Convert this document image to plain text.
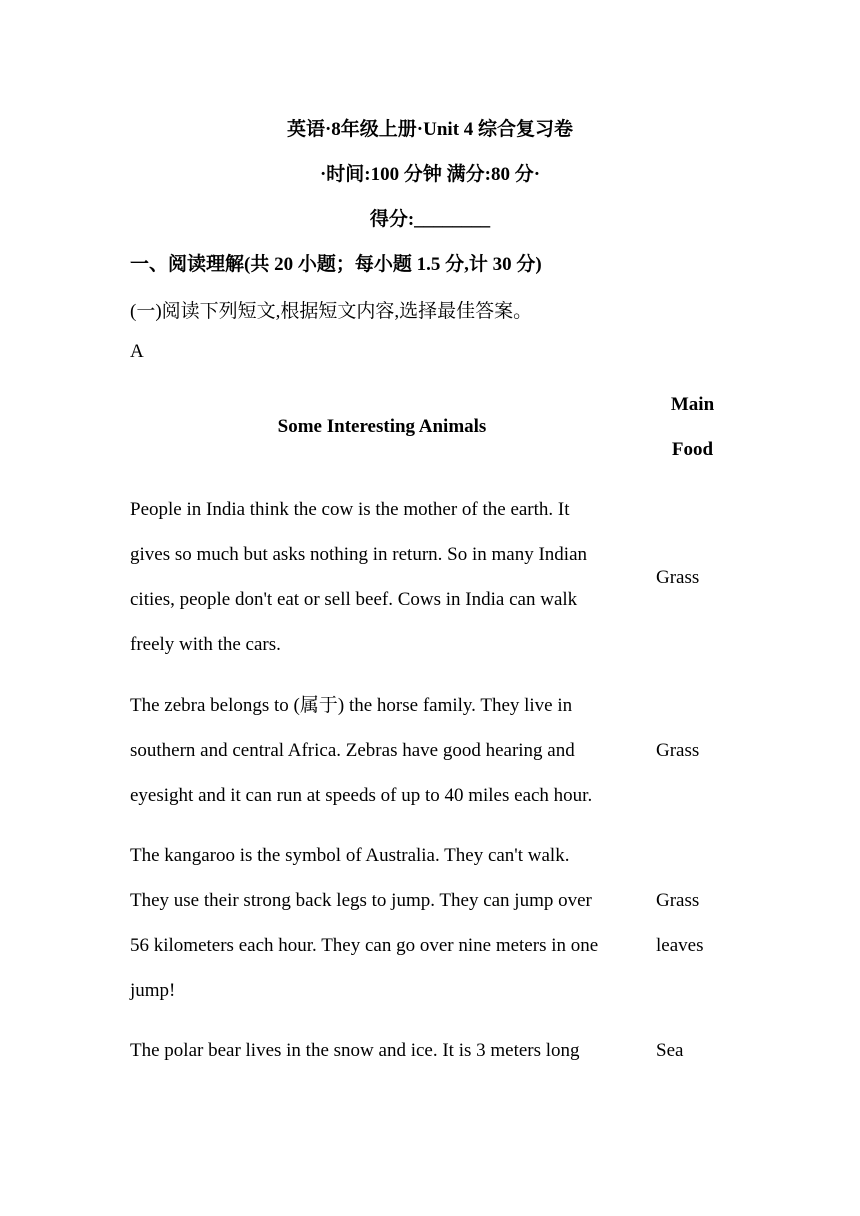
英语·8年级上册·Unit 4 综合复习卷
·时间:100 分钟 满分:80 分·
得分:________
一、阅读理解(共 20 小题；每小题 1.5 分,计 30 分)
(一)阅读下列短文,根据短文内容,选择最佳答案。
A
Some Interesting Animals
Main
Food
People in India think the cow is the mother of the earth. It
gives so much but asks nothing in return. So in many Indian
cities, people don't eat or sell beef. Cows in India can walk
freely with the cars.
Grass
The zebra belongs to (属于) the horse family. They live in
southern and central Africa. Zebras have good hearing and
eyesight and it can run at speeds of up to 40 miles each hour.
Grass
The kangaroo is the symbol of Australia. They can't walk.
They use their strong back legs to jump. They can jump over
56 kilometers each hour. They can go over nine meters in one
jump!
Grass
leaves
The polar bear lives in the snow and ice. It is 3 meters long	Sea
